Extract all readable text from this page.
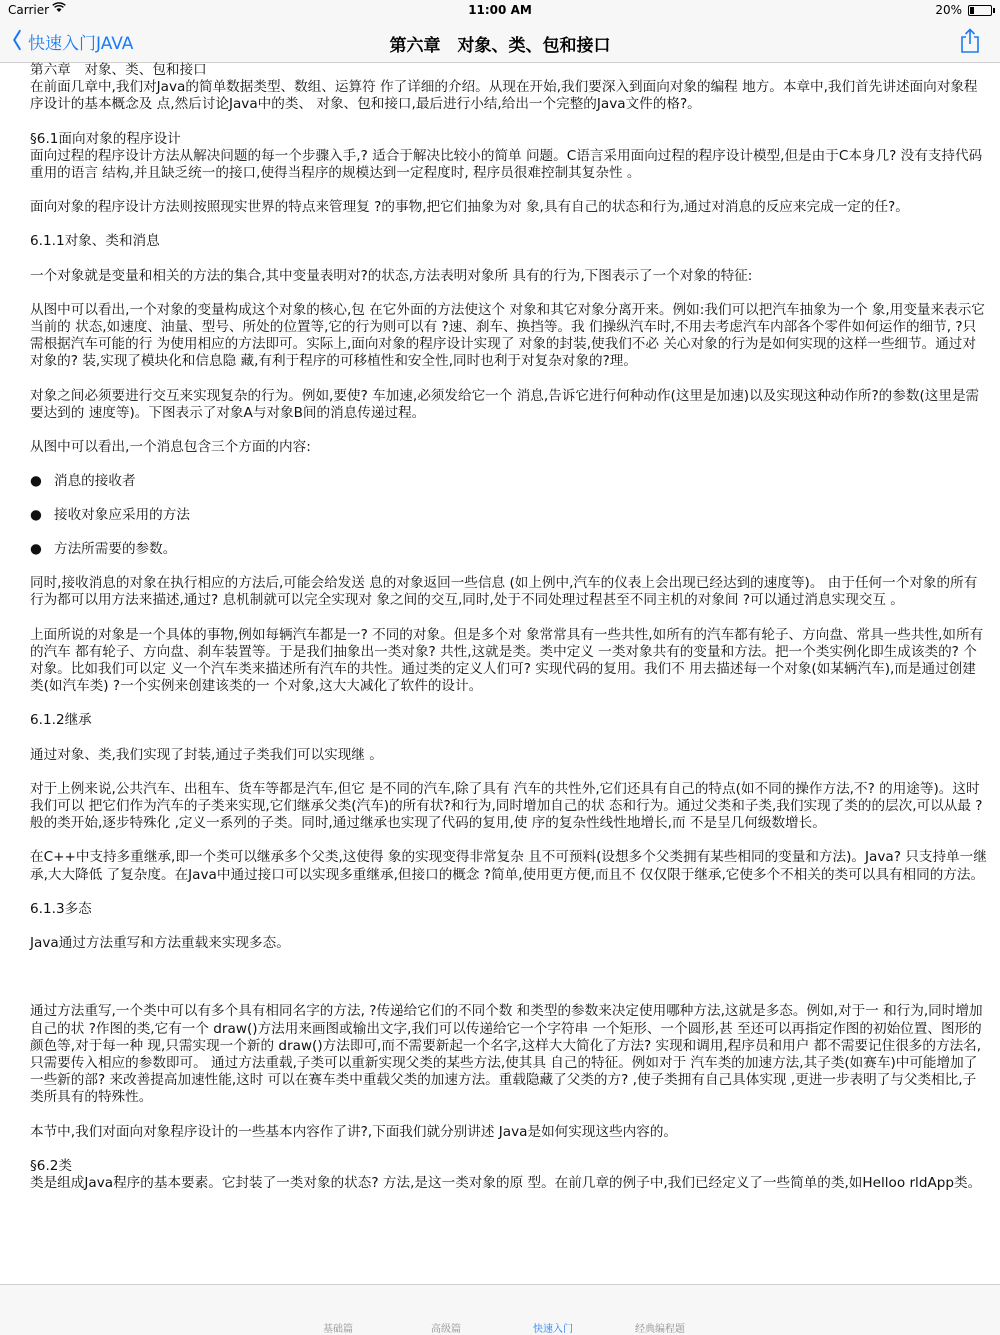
Carrier	11:00 AM	20%
快速入门JAVA	第六章　对象、类、包和接口

第六章　对象、类、包和接口

在前面几章中,我们对Java的简单数据类型、数组、运算符 作了详细的介绍。从现在开始,我们要深入到面向对象的编程 地方。本章中,我们首先讲述面向对象程序设计的基本概念及 点,然后讨论Java中的类、 对象、包和接口,最后进行小结,给出一个完整的Java文件的格?。

§6.1面向对象的程序设计

面向过程的程序设计方法从解决问题的每一个步骤入手,? 适合于解决比较小的简单 问题。C语言采用面向过程的程序设计模型,但是由于C本身几? 没有支持代码重用的语言 结构,并且缺乏统一的接口,使得当程序的规模达到一定程度时, 程序员很难控制其复杂性 。

面向对象的程序设计方法则按照现实世界的特点来管理复 ?的事物,把它们抽象为对 象,具有自己的状态和行为,通过对消息的反应来完成一定的任?。

6.1.1对象、类和消息

一个对象就是变量和相关的方法的集合,其中变量表明对?的状态,方法表明对象所 具有的行为,下图表示了一个对象的特征:

从图中可以看出,一个对象的变量构成这个对象的核心,包 在它外面的方法使这个 对象和其它对象分离开来。例如:我们可以把汽车抽象为一个 象,用变量来表示它当前的 状态,如速度、油量、型号、所处的位置等,它的行为则可以有 ?速、刹车、换挡等。我 们操纵汽车时,不用去考虑汽车内部各个零件如何运作的细节, ?只需根据汽车可能的行 为使用相应的方法即可。实际上,面向对象的程序设计实现了 对象的封装,使我们不必 关心对象的行为是如何实现的这样一些细节。通过对对象的? 装,实现了模块化和信息隐 藏,有利于程序的可移植性和安全性,同时也利于对复杂对象的?理。

对象之间必须要进行交互来实现复杂的行为。例如,要使? 车加速,必须发给它一个 消息,告诉它进行何种动作(这里是加速)以及实现这种动作所?的参数(这里是需要达到的 速度等)。下图表示了对象A与对象B间的消息传递过程。

从图中可以看出,一个消息包含三个方面的内容:

● 消息的接收者
● 接收对象应采用的方法
● 方法所需要的参数。

同时,接收消息的对象在执行相应的方法后,可能会给发送 息的对象返回一些信息 (如上例中,汽车的仪表上会出现已经达到的速度等)。 由于任何一个对象的所有行为都可以用方法来描述,通过? 息机制就可以完全实现对 象之间的交互,同时,处于不同处理过程甚至不同主机的对象间 ?可以通过消息实现交互 。

上面所说的对象是一个具体的事物,例如每辆汽车都是一? 不同的对象。但是多个对 象常常具有一些共性,如所有的汽车都有轮子、方向盘、常具一些共性,如所有的汽车 都有轮子、方向盘、刹车装置等。于是我们抽象出一类对象? 共性,这就是类。类中定义 一类对象共有的变量和方法。把一个类实例化即生成该类的? 个对象。比如我们可以定 义一个汽车类来描述所有汽车的共性。通过类的定义人们可? 实现代码的复用。我们不 用去描述每一个对象(如某辆汽车),而是通过创建类(如汽车类) ?一个实例来创建该类的一 个对象,这大大减化了软件的设计。

6.1.2继承

通过对象、类,我们实现了封装,通过子类我们可以实现继 。

对于上例来说,公共汽车、出租车、货车等都是汽车,但它 是不同的汽车,除了具有 汽车的共性外,它们还具有自己的特点(如不同的操作方法,不? 的用途等)。这时我们可以 把它们作为汽车的子类来实现,它们继承父类(汽车)的所有状?和行为,同时增加自己的状 态和行为。通过父类和子类,我们实现了类的的层次,可以从最 ?般的类开始,逐步特殊化 ,定义一系列的子类。同时,通过继承也实现了代码的复用,使 序的复杂性线性地增长,而 不是呈几何级数增长。

在C++中支持多重继承,即一个类可以继承多个父类,这使得 象的实现变得非常复杂 且不可预料(设想多个父类拥有某些相同的变量和方法)。Java? 只支持单一继承,大大降低 了复杂度。在Java中通过接口可以实现多重继承,但接口的概念 ?简单,使用更方便,而且不 仅仅限于继承,它使多个不相关的类可以具有相同的方法。

6.1.3多态

Java通过方法重写和方法重载来实现多态。

通过方法重写,一个类中可以有多个具有相同名字的方法, ?传递给它们的不同个数 和类型的参数来决定使用哪种方法,这就是多态。例如,对于一 和行为,同时增加自己的状 ?作图的类,它有一个 draw()方法用来画图或输出文字,我们可以传递给它一个字符串 一个矩形、一个圆形,甚 至还可以再指定作图的初始位置、图形的颜色等,对于每一种 现,只需实现一个新的 draw()方法即可,而不需要新起一个名字,这样大大简化了方法? 实现和调用,程序员和用户 都不需要记住很多的方法名,只需要传入相应的参数即可。 通过方法重载,子类可以重新实现父类的某些方法,使其具 自己的特征。例如对于 汽车类的加速方法,其子类(如赛车)中可能增加了一些新的部? 来改善提高加速性能,这时 可以在赛车类中重载父类的加速方法。重载隐藏了父类的方? ,使子类拥有自己具体实现 ,更进一步表明了与父类相比,子类所具有的特殊性。

本节中,我们对面向对象程序设计的一些基本内容作了讲?,下面我们就分别讲述 Java是如何实现这些内容的。

§6.2类

类是组成Java程序的基本要素。它封装了一类对象的状态? 方法,是这一类对象的原 型。在前几章的例子中,我们已经定义了一些简单的类,如Helloo rldApp类。

基础篇	高级篇	快速入门	经典编程题
